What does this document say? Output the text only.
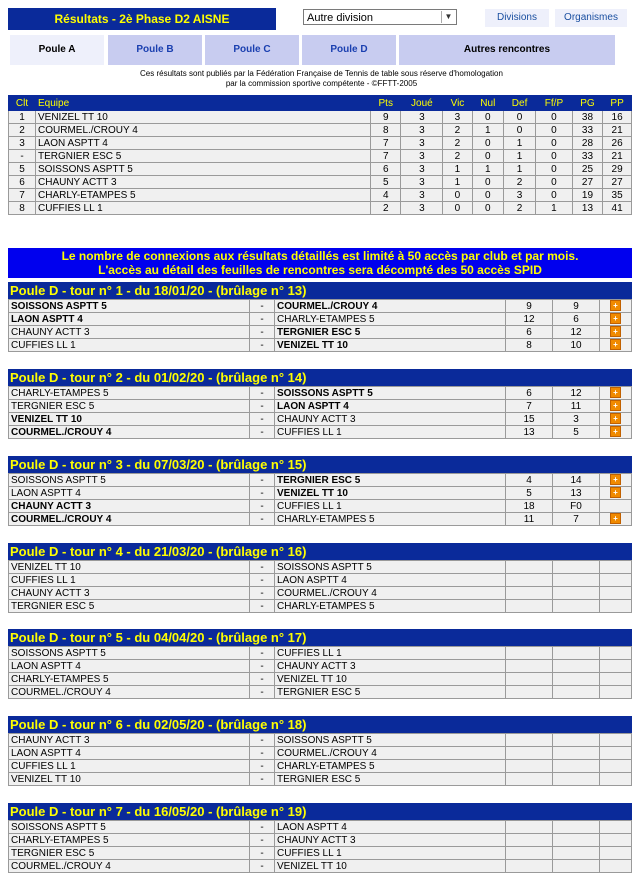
Résultats - 2è Phase D2 AISNE	Autre division	▼	Divisions	Organismes
Poule A	Poule B	Poule C	Poule D	Autres rencontres
Ces résultats sont publiés par la Fédération Française de Tennis de table sous réserve d'homologation
par la commission sportive compétente - ©FFTT-2005
Clt	Equipe	Pts	Joué	Vic	Nul	Def	Ff/P	PG	PP
1	VENIZEL TT 10	9	3	3	0	0	0	38	16
2	COURMEL./CROUY 4	8	3	2	1	0	0	33	21
3	LAON ASPTT 4	7	3	2	0	1	0	28	26
-	TERGNIER ESC 5	7	3	2	0	1	0	33	21
5	SOISSONS ASPTT 5	6	3	1	1	1	0	25	29
6	CHAUNY ACTT 3	5	3	1	0	2	0	27	27
7	CHARLY-ETAMPES 5	4	3	0	0	3	0	19	35
8	CUFFIES LL 1	2	3	0	0	2	1	13	41
Le nombre de connexions aux résultats détaillés est limité à 50 accès par club et par mois.
L'accès au détail des feuilles de rencontres sera décompté des 50 accès SPID
Poule D - tour n° 1 - du 18/01/20 - (brûlage n° 13)
SOISSONS ASPTT 5	-	COURMEL./CROUY 4	9	9	+
LAON ASPTT 4	-	CHARLY-ETAMPES 5	12	6	+
CHAUNY ACTT 3	-	TERGNIER ESC 5	6	12	+
CUFFIES LL 1	-	VENIZEL TT 10	8	10	+
Poule D - tour n° 2 - du 01/02/20 - (brûlage n° 14)
CHARLY-ETAMPES 5	-	SOISSONS ASPTT 5	6	12	+
TERGNIER ESC 5	-	LAON ASPTT 4	7	11	+
VENIZEL TT 10	-	CHAUNY ACTT 3	15	3	+
COURMEL./CROUY 4	-	CUFFIES LL 1	13	5	+
Poule D - tour n° 3 - du 07/03/20 - (brûlage n° 15)
SOISSONS ASPTT 5	-	TERGNIER ESC 5	4	14	+
LAON ASPTT 4	-	VENIZEL TT 10	5	13	+
CHAUNY ACTT 3	-	CUFFIES LL 1	18	F0	
COURMEL./CROUY 4	-	CHARLY-ETAMPES 5	11	7	+
Poule D - tour n° 4 - du 21/03/20 - (brûlage n° 16)
VENIZEL TT 10	-	SOISSONS ASPTT 5			
CUFFIES LL 1	-	LAON ASPTT 4			
CHAUNY ACTT 3	-	COURMEL./CROUY 4			
TERGNIER ESC 5	-	CHARLY-ETAMPES 5			
Poule D - tour n° 5 - du 04/04/20 - (brûlage n° 17)
SOISSONS ASPTT 5	-	CUFFIES LL 1			
LAON ASPTT 4	-	CHAUNY ACTT 3			
CHARLY-ETAMPES 5	-	VENIZEL TT 10			
COURMEL./CROUY 4	-	TERGNIER ESC 5			
Poule D - tour n° 6 - du 02/05/20 - (brûlage n° 18)
CHAUNY ACTT 3	-	SOISSONS ASPTT 5			
LAON ASPTT 4	-	COURMEL./CROUY 4			
CUFFIES LL 1	-	CHARLY-ETAMPES 5			
VENIZEL TT 10	-	TERGNIER ESC 5			
Poule D - tour n° 7 - du 16/05/20 - (brûlage n° 19)
SOISSONS ASPTT 5	-	LAON ASPTT 4			
CHARLY-ETAMPES 5	-	CHAUNY ACTT 3			
TERGNIER ESC 5	-	CUFFIES LL 1			
COURMEL./CROUY 4	-	VENIZEL TT 10			
